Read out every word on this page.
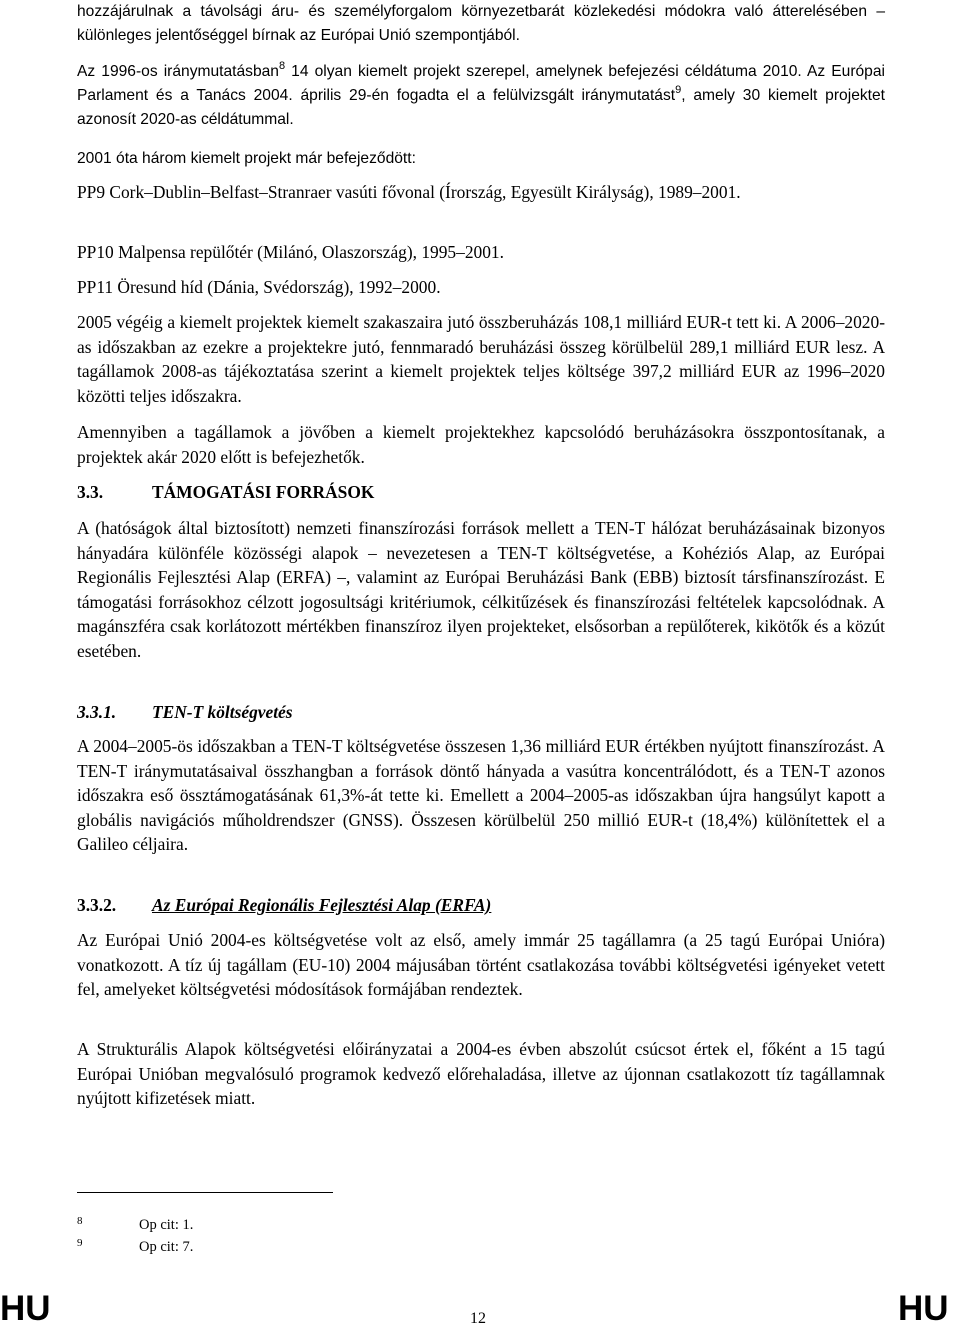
hozzájárulnak a távolsági áru- és személyforgalom környezetbarát közlekedési módokra való átterelésében – különleges jelentőséggel bírnak az Európai Unió szempontjából.

Az 1996-os iránymutatásban$^8$ 14 olyan kiemelt projekt szerepel, amelynek befejezési céldátuma 2010. Az Európai Parlament és a Tanács 2004. április 29-én fogadta el a felülvizsgált iránymutatást$^9$, amely 30 kiemelt projektet azonosít 2020-as céldátummal.

2001 óta három kiemelt projekt már befejeződött:

PP9 Cork–Dublin–Belfast–Stranraer vasúti fővonal (Írország, Egyesült Királyság), 1989–2001.

PP10 Malpensa repülőtér (Milánó, Olaszország), 1995–2001.

PP11 Öresund híd (Dánia, Svédország), 1992–2000.

2005 végéig a kiemelt projektek kiemelt szakaszaira jutó összberuházás 108,1 milliárd EUR-t tett ki. A 2006–2020-as időszakban az ezekre a projektekre jutó, fennmaradó beruházási összeg körülbelül 289,1 milliárd EUR lesz. A tagállamok 2008-as tájékoztatása szerint a kiemelt projektek teljes költsége 397,2 milliárd EUR az 1996–2020 közötti teljes időszakra.

Amennyiben a tagállamok a jövőben a kiemelt projektekhez kapcsolódó beruházásokra összpontosítanak, a projektek akár 2020 előtt is befejezhetők.

3.3.	TÁMOGATÁSI FORRÁSOK

A (hatóságok által biztosított) nemzeti finanszírozási források mellett a TEN-T hálózat beruházásainak bizonyos hányadára különféle közösségi alapok – nevezetesen a TEN-T költségvetése, a Kohéziós Alap, az Európai Regionális Fejlesztési Alap (ERFA) –, valamint az Európai Beruházási Bank (EBB) biztosít társfinanszírozást. E támogatási forrásokhoz célzott jogosultsági kritériumok, célkitűzések és finanszírozási feltételek kapcsolódnak. A magánszféra csak korlátozott mértékben finanszíroz ilyen projekteket, elsősorban a repülőterek, kikötők és a közút esetében.

3.3.1. TEN-T költségvetés

A 2004–2005-ös időszakban a TEN-T költségvetése összesen 1,36 milliárd EUR értékben nyújtott finanszírozást. A TEN-T iránymutatásaival összhangban a források döntő hányada a vasútra koncentrálódott, és a TEN-T azonos időszakra eső össztámogatásának 61,3%-át tette ki. Emellett a 2004–2005-as időszakban újra hangsúlyt kapott a globális navigációs műholdrendszer (GNSS). Összesen körülbelül 250 millió EUR-t (18,4%) különítettek el a Galileo céljaira.

3.3.2. Az Európai Regionális Fejlesztési Alap (ERFA)

Az Európai Unió 2004-es költségvetése volt az első, amely immár 25 tagállamra (a 25 tagú Európai Unióra) vonatkozott. A tíz új tagállam (EU-10) 2004 májusában történt csatlakozása további költségvetési igényeket vetett fel, amelyeket költségvetési módosítások formájában rendeztek.

A Strukturális Alapok költségvetési előirányzatai a 2004-es évben abszolút csúcsot értek el, főként a 15 tagú Európai Unióban megvalósuló programok kedvező előrehaladása, illetve az újonnan csatlakozott tíz tagállamnak nyújtott kifizetések miatt.

8	Op cit: 1.
9	Op cit: 7.
HU	12	HU
